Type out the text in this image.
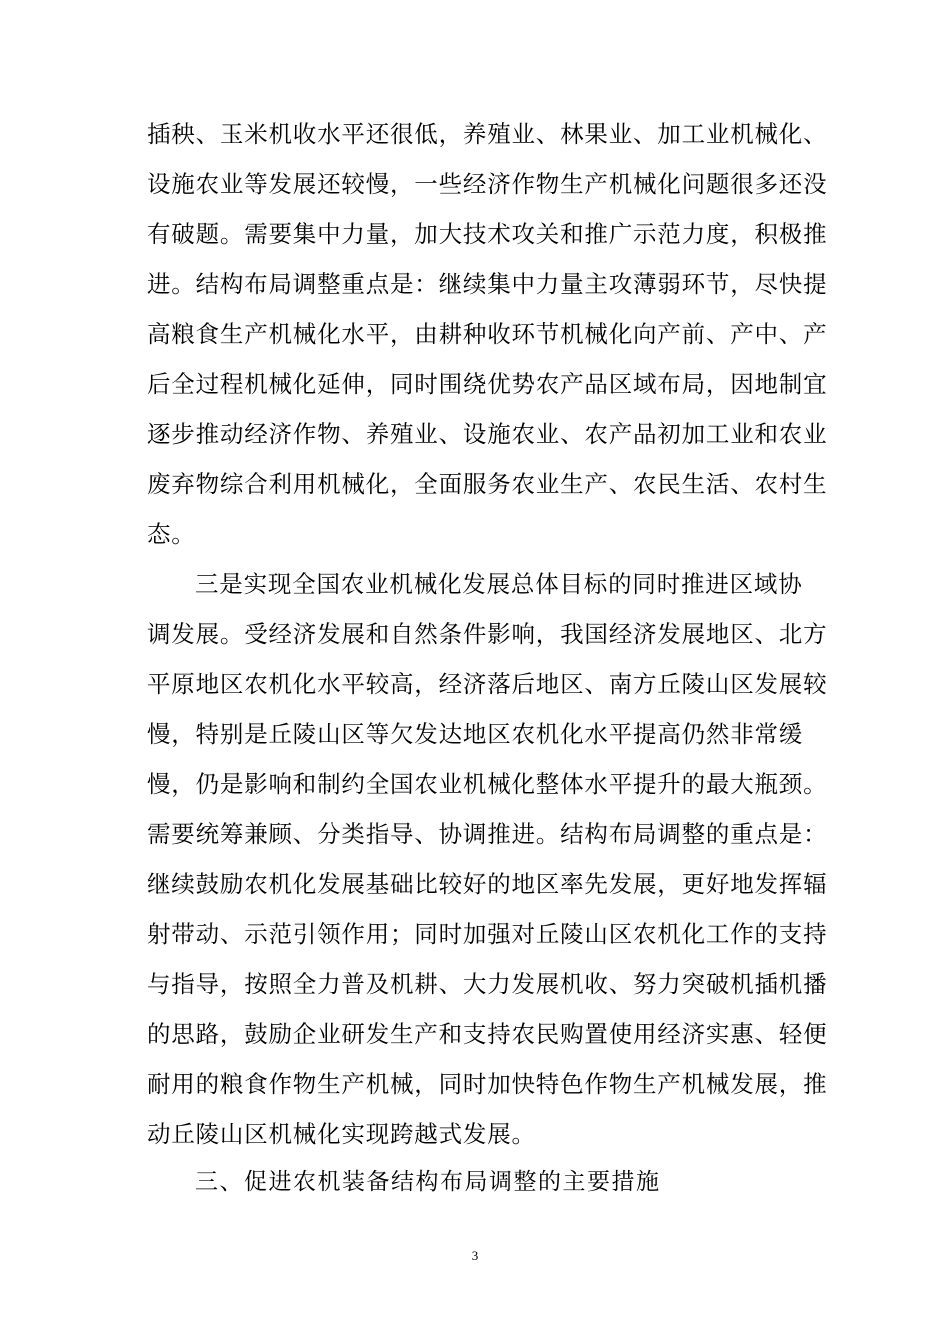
插秧、玉米机收水平还很低，养殖业、林果业、加工业机械化、
设施农业等发展还较慢，一些经济作物生产机械化问题很多还没
有破题。需要集中力量，加大技术攻关和推广示范力度，积极推
进。结构布局调整重点是：继续集中力量主攻薄弱环节，尽快提
高粮食生产机械化水平，由耕种收环节机械化向产前、产中、产
后全过程机械化延伸，同时围绕优势农产品区域布局，因地制宜
逐步推动经济作物、养殖业、设施农业、农产品初加工业和农业
废弃物综合利用机械化，全面服务农业生产、农民生活、农村生
态。
三是实现全国农业机械化发展总体目标的同时推进区域协
调发展。受经济发展和自然条件影响，我国经济发展地区、北方
平原地区农机化水平较高，经济落后地区、南方丘陵山区发展较
慢，特别是丘陵山区等欠发达地区农机化水平提高仍然非常缓
慢，仍是影响和制约全国农业机械化整体水平提升的最大瓶颈。
需要统筹兼顾、分类指导、协调推进。结构布局调整的重点是：
继续鼓励农机化发展基础比较好的地区率先发展，更好地发挥辐
射带动、示范引领作用；同时加强对丘陵山区农机化工作的支持
与指导，按照全力普及机耕、大力发展机收、努力突破机插机播
的思路，鼓励企业研发生产和支持农民购置使用经济实惠、轻便
耐用的粮食作物生产机械，同时加快特色作物生产机械发展，推
动丘陵山区机械化实现跨越式发展。
三、促进农机装备结构布局调整的主要措施
3
